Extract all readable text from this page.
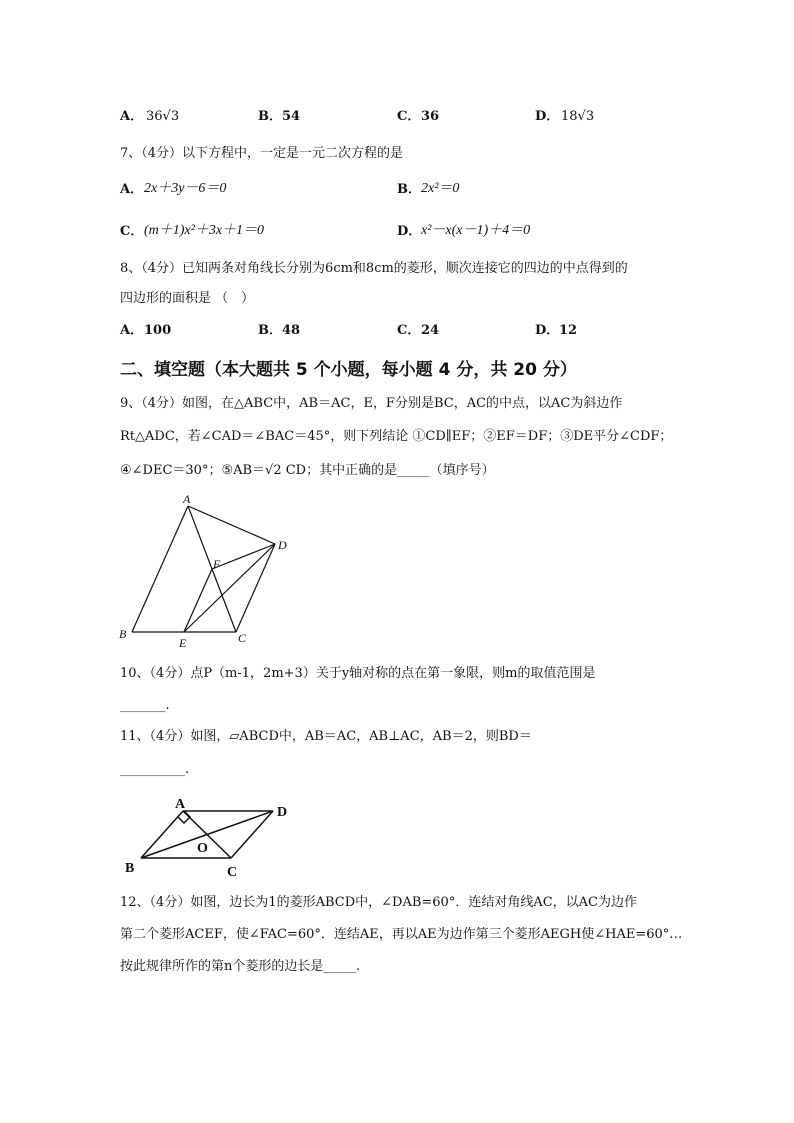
A． 36√3	B． 54	C． 36	D． 18√3
7、（4分）以下方程中，一定是一元二次方程的是
A． 2x＋3y－6＝0	B． 2x²＝0
C． (m＋1)x²＋3x＋1＝0	D． x²－x(x－1)＋4＝0
8、（4分）已知两条对角线长分别为6cm和8cm的菱形，顺次连接它的四边的中点得到的
四边形的面积是 （　）
A． 100	B． 48	C． 24	D． 12
二、填空题（本大题共 5 个小题，每小题 4 分，共 20 分）
9、（4分）如图，在△ABC中，AB＝AC，E，F分别是BC，AC的中点，以AC为斜边作
Rt△ADC，若∠CAD＝∠BAC＝45°，则下列结论 ①CD∥EF；②EF＝DF；③DE平分∠CDF；
④∠DEC＝30°；⑤AB＝√2 CD；其中正确的是_____（填序号）
A
B	C
D
E
F
10、（4分）点P（m-1，2m+3）关于y轴对称的点在第一象限，则m的取值范围是
_______.
11、（4分）如图，▱ABCD中，AB＝AC，AB⊥AC，AB＝2，则BD＝
__________.
A
B	C
D
O
12、（4分）如图，边长为1的菱形ABCD中，∠DAB=60°．连结对角线AC，以AC为边作
第二个菱形ACEF，使∠FAC=60°．连结AE，再以AE为边作第三个菱形AEGH使∠HAE=60°…
按此规律所作的第n个菱形的边长是_____.
